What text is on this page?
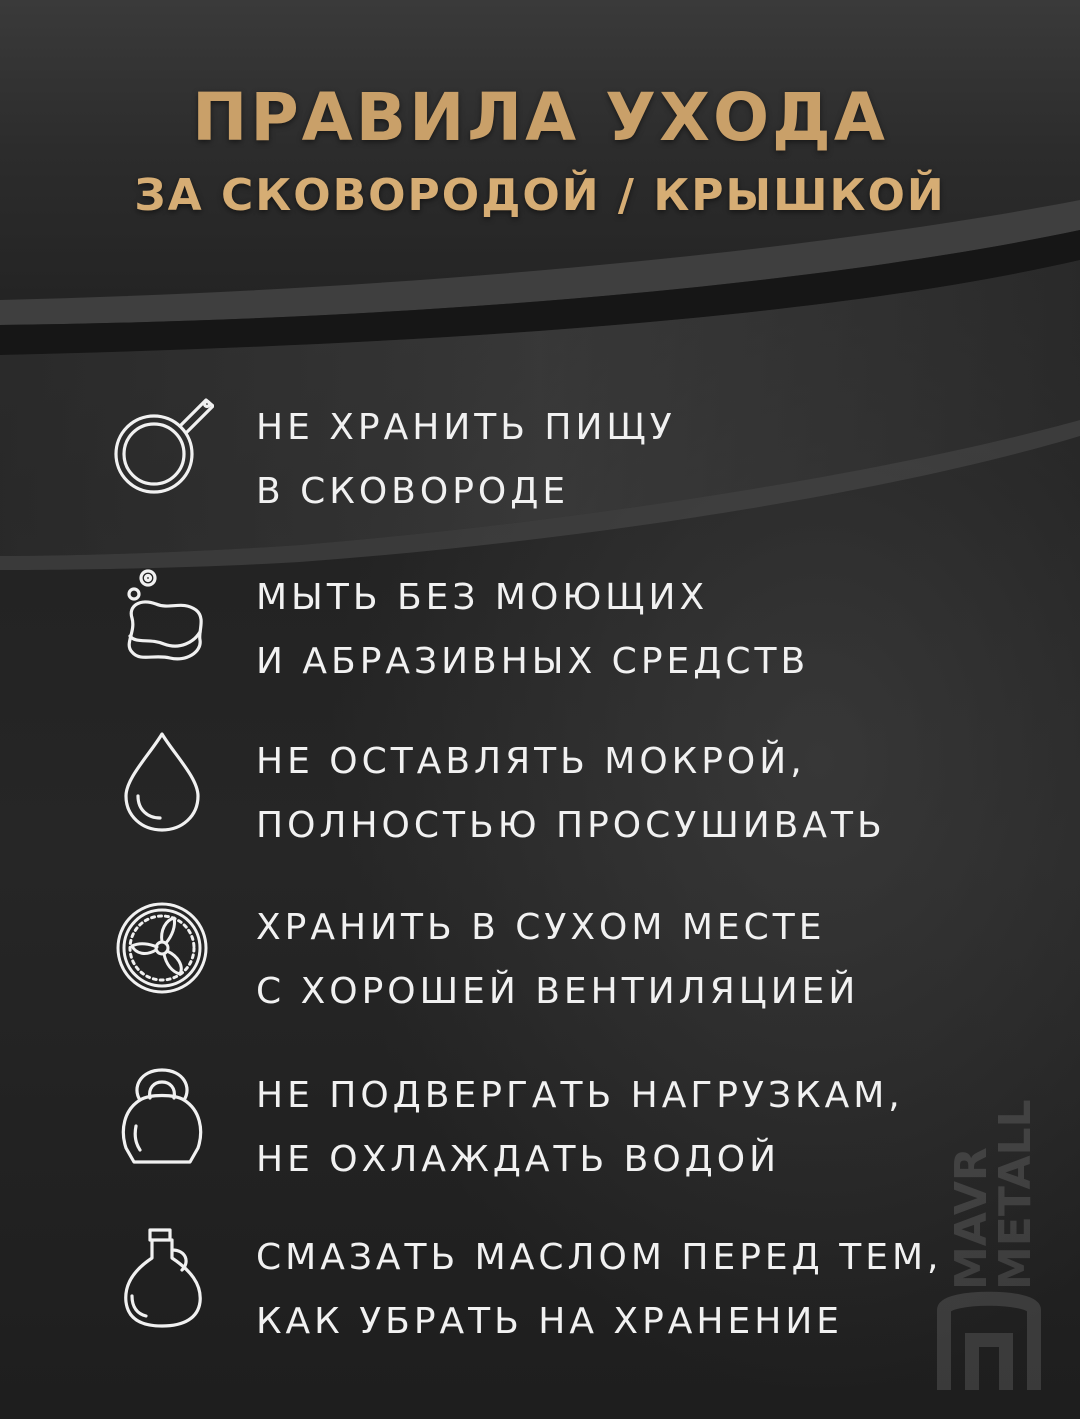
ПРАВИЛА УХОДА
ЗА СКОВОРОДОЙ / КРЫШКОЙ
НЕ ХРАНИТЬ ПИЩУ
В СКОВОРОДЕ
МЫТЬ БЕЗ МОЮЩИХ
И АБРАЗИВНЫХ СРЕДСТВ
НЕ ОСТАВЛЯТЬ МОКРОЙ,
ПОЛНОСТЬЮ ПРОСУШИВАТЬ
ХРАНИТЬ В СУХОМ МЕСТЕ
С ХОРОШЕЙ ВЕНТИЛЯЦИЕЙ
НЕ ПОДВЕРГАТЬ НАГРУЗКАМ,
НЕ ОХЛАЖДАТЬ ВОДОЙ
СМАЗАТЬ МАСЛОМ ПЕРЕД ТЕМ,
КАК УБРАТЬ НА ХРАНЕНИЕ
MAVR
METALL
